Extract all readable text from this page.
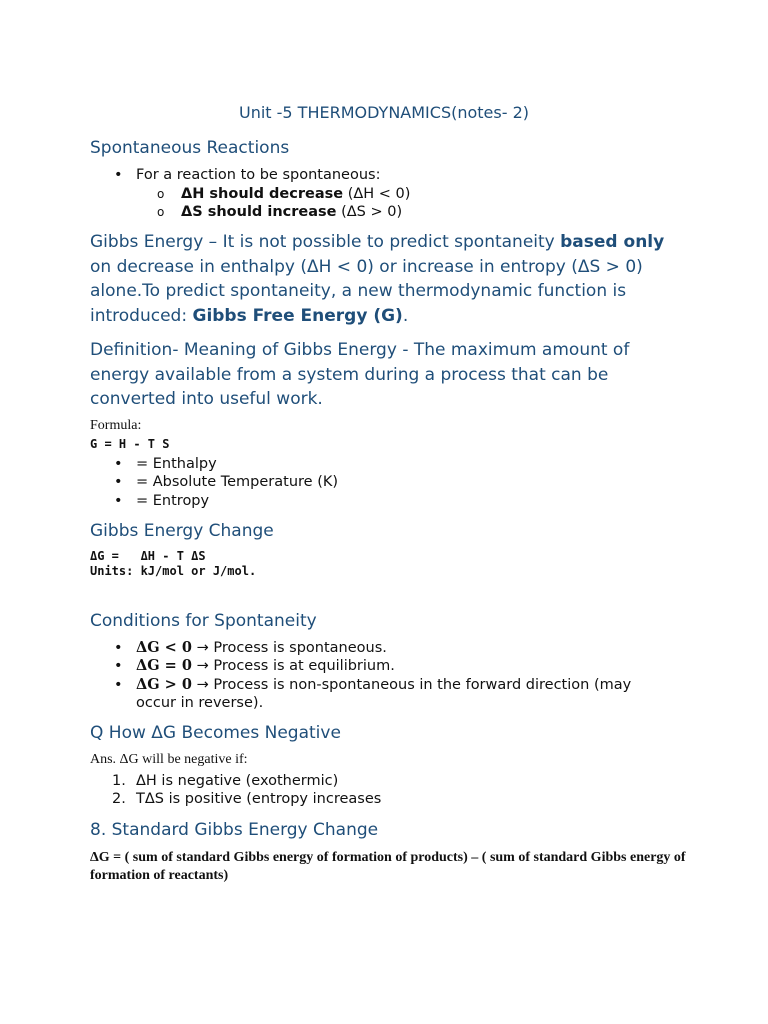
Unit -5 THERMODYNAMICS(notes- 2)
Spontaneous Reactions
• For a reaction to be spontaneous:
o ΔH should decrease (ΔH < 0)
o ΔS should increase (ΔS > 0)
Gibbs Energy – It is not possible to predict spontaneity based only on decrease in enthalpy (ΔH < 0) or increase in entropy (ΔS > 0) alone.To predict spontaneity, a new thermodynamic function is introduced: Gibbs Free Energy (G).
Definition- Meaning of Gibbs Energy - The maximum amount of energy available from a system during a process that can be converted into useful work.
Formula:
G = H - T S
• = Enthalpy
• = Absolute Temperature (K)
• = Entropy
Gibbs Energy Change
ΔG =   ΔH - T ΔS
Units: kJ/mol or J/mol.
Conditions for Spontaneity
• ΔG < 0 → Process is spontaneous.
• ΔG = 0 → Process is at equilibrium.
• ΔG > 0 → Process is non-spontaneous in the forward direction (may occur in reverse).
Q How ΔG Becomes Negative
Ans. ΔG will be negative if:
1. ΔH is negative (exothermic)
2. TΔS is positive (entropy increases
8. Standard Gibbs Energy Change
ΔG = ( sum of standard Gibbs energy of formation of products) – ( sum of standard Gibbs energy of formation of reactants)
